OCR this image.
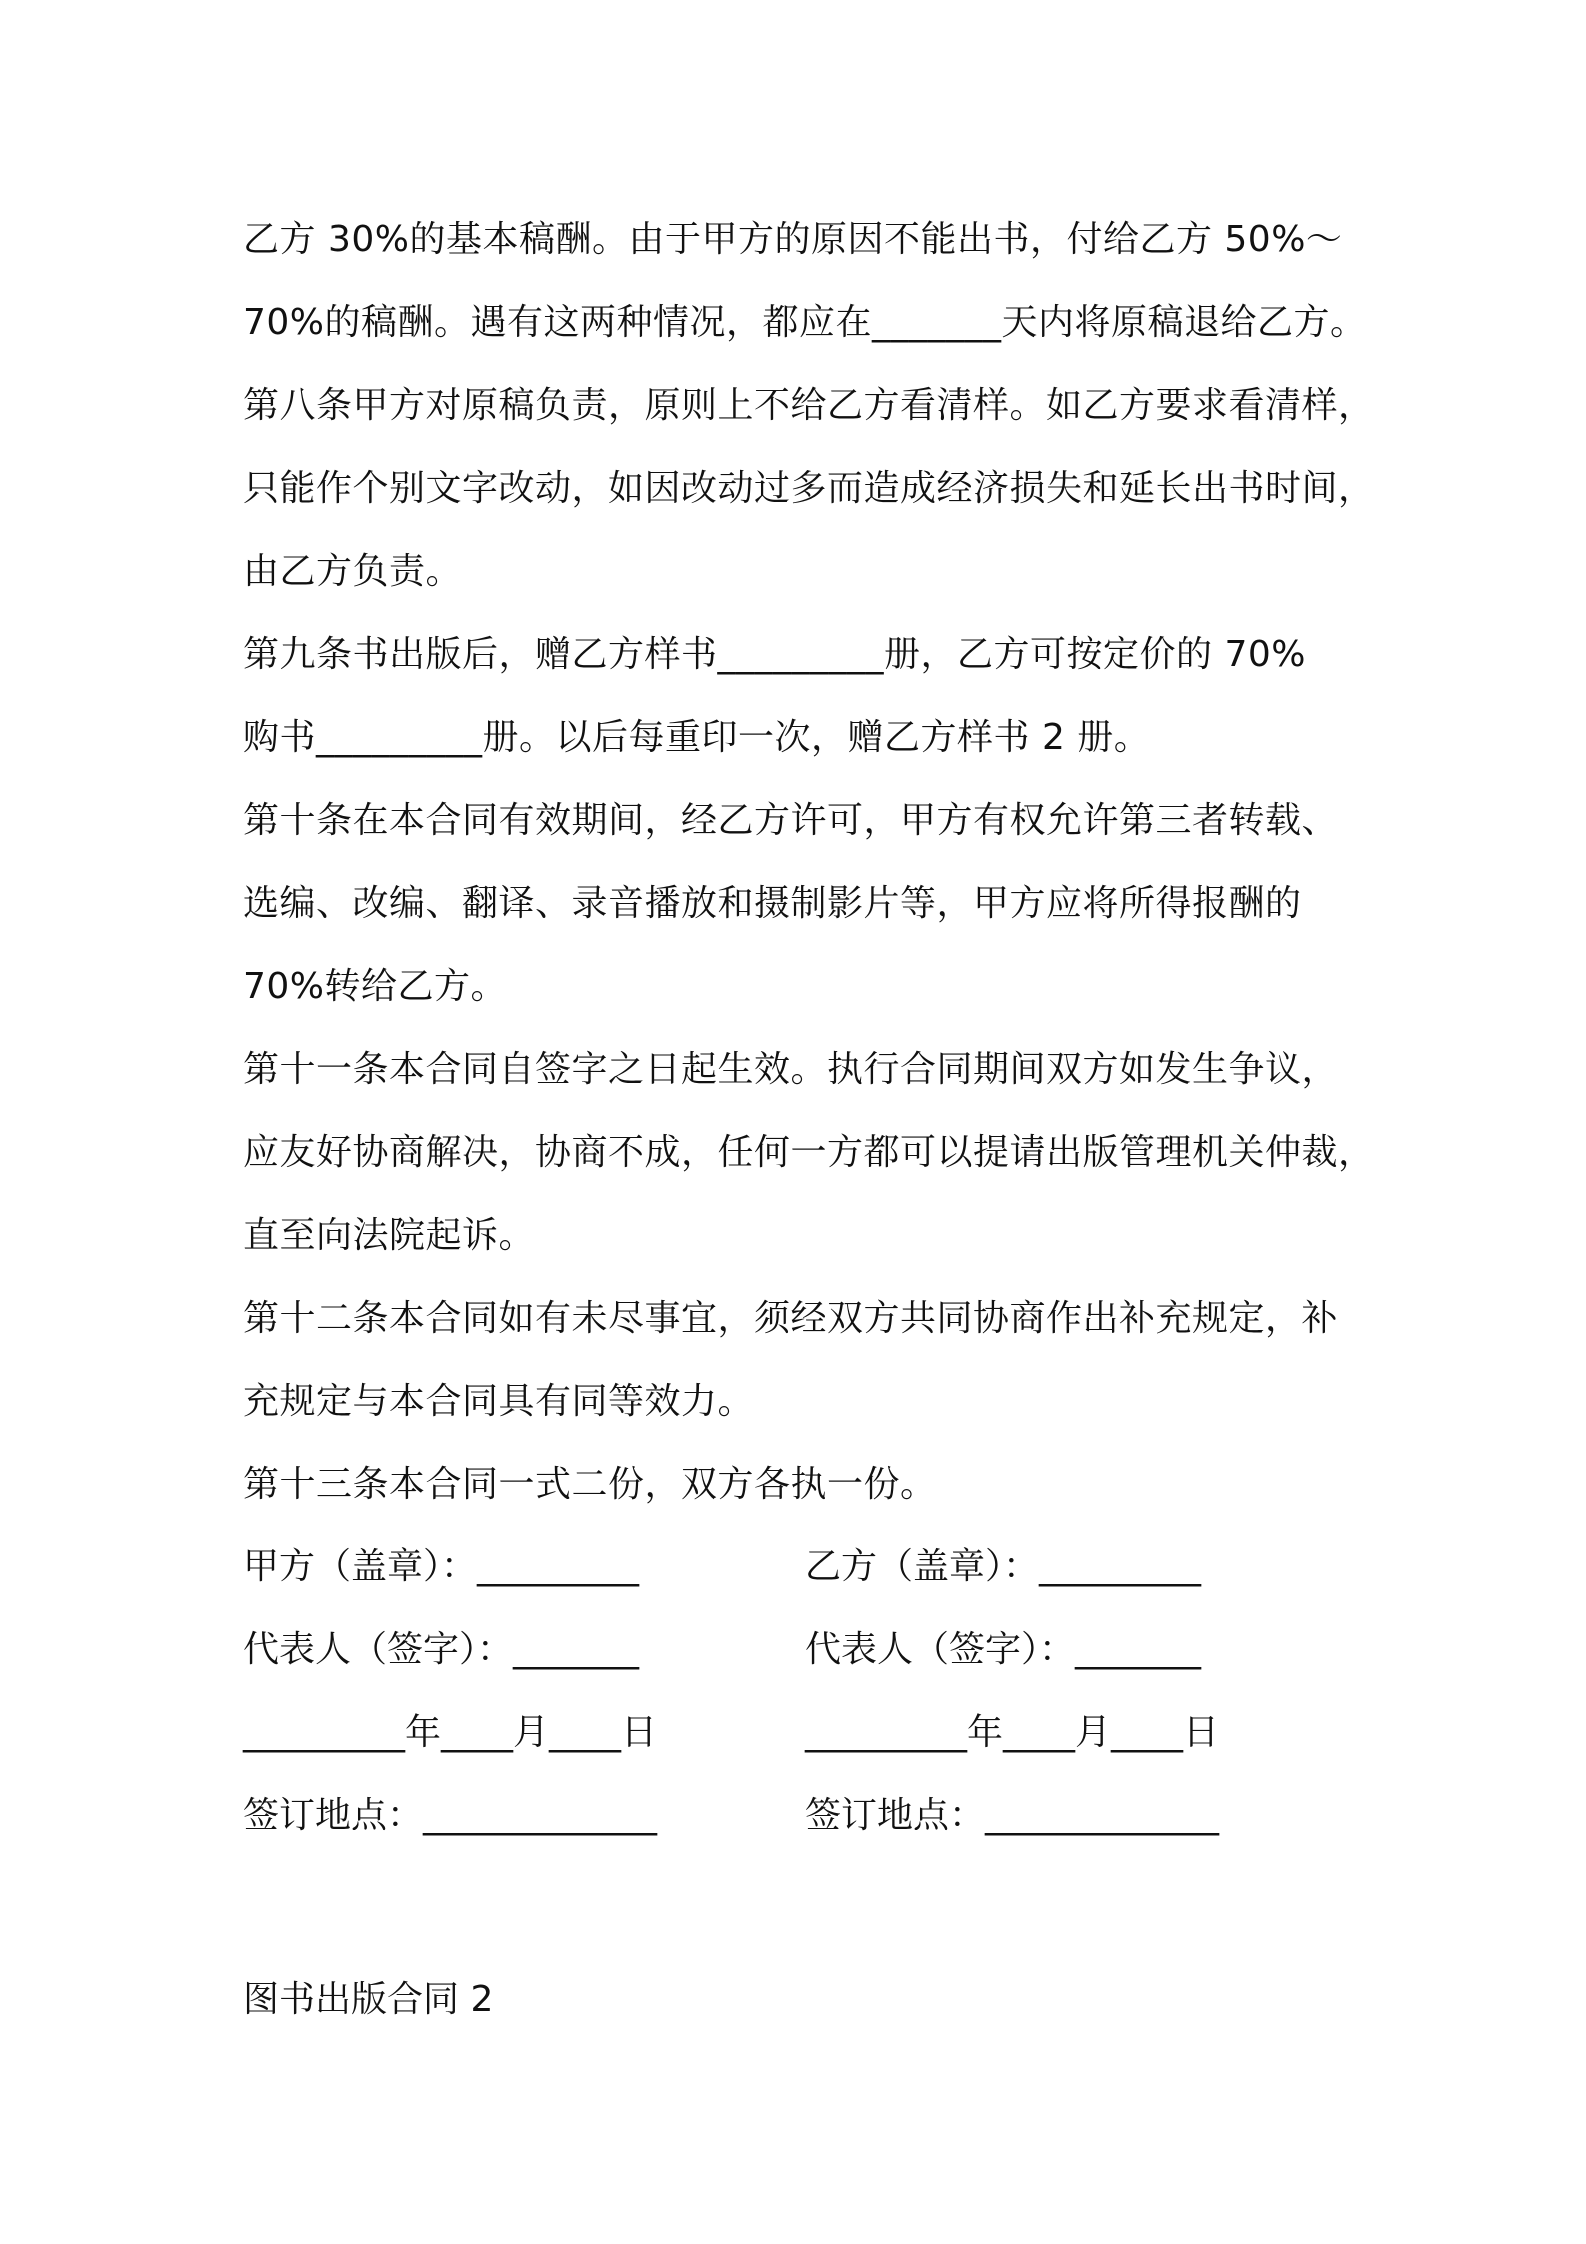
乙方 30%的基本稿酬。由于甲方的原因不能出书，付给乙方 50%～
70%的稿酬。遇有这两种情况，都应在_______天内将原稿退给乙方。
第八条甲方对原稿负责，原则上不给乙方看清样。如乙方要求看清样，
只能作个别文字改动，如因改动过多而造成经济损失和延长出书时间，
由乙方负责。
第九条书出版后，赠乙方样书_________册，乙方可按定价的 70%
购书_________册。以后每重印一次，赠乙方样书 2 册。
第十条在本合同有效期间，经乙方许可，甲方有权允许第三者转载、
选编、改编、翻译、录音播放和摄制影片等，甲方应将所得报酬的
70%转给乙方。
第十一条本合同自签字之日起生效。执行合同期间双方如发生争议，
应友好协商解决，协商不成，任何一方都可以提请出版管理机关仲裁，
直至向法院起诉。
第十二条本合同如有未尽事宜，须经双方共同协商作出补充规定，补
充规定与本合同具有同等效力。
第十三条本合同一式二份，双方各执一份。
甲方（盖章）：_________	乙方（盖章）：_________
代表人（签字）：_______	代表人（签字）：_______
_________年____月____日	_________年____月____日
签订地点：_____________	签订地点：_____________
图书出版合同 2
